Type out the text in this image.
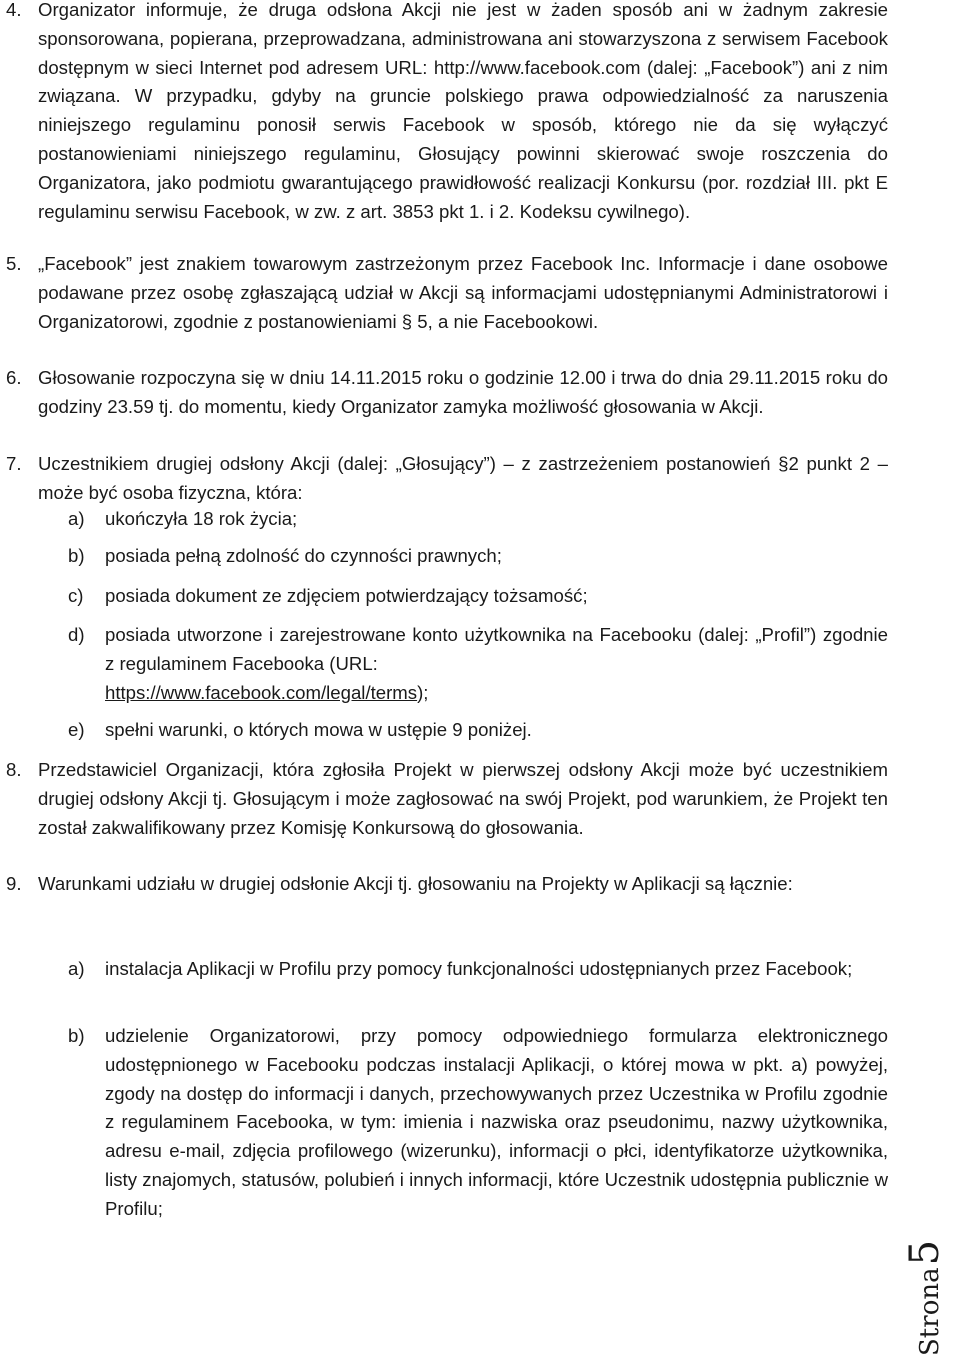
4. Organizator informuje, że druga odsłona Akcji nie jest w żaden sposób ani w żadnym zakresie sponsorowana, popierana, przeprowadzana, administrowana ani stowarzyszona z serwisem Facebook dostępnym w sieci Internet pod adresem URL: http://www.facebook.com (dalej: „Facebook”) ani z nim związana. W przypadku, gdyby na gruncie polskiego prawa odpowiedzialność za naruszenia niniejszego regulaminu ponosił serwis Facebook w sposób, którego nie da się wyłączyć postanowieniami niniejszego regulaminu, Głosujący powinni skierować swoje roszczenia do Organizatora, jako podmiotu gwarantującego prawidłowość realizacji Konkursu (por. rozdział III. pkt E regulaminu serwisu Facebook, w zw. z art. 3853 pkt 1. i 2. Kodeksu cywilnego).
5. „Facebook” jest znakiem towarowym zastrzeżonym przez Facebook Inc. Informacje i dane osobowe podawane przez osobę zgłaszającą udział w Akcji są informacjami udostępnianymi Administratorowi i Organizatorowi, zgodnie z postanowieniami § 5, a nie Facebookowi.
6. Głosowanie rozpoczyna się w dniu 14.11.2015 roku o godzinie 12.00 i trwa do dnia 29.11.2015 roku do godziny 23.59 tj. do momentu, kiedy Organizator zamyka możliwość głosowania w Akcji.
7. Uczestnikiem drugiej odsłony Akcji (dalej: „Głosujący”) – z zastrzeżeniem postanowień §2 punkt 2 – może być osoba fizyczna, która:
a) ukończyła 18 rok życia;
b) posiada pełną zdolność do czynności prawnych;
c) posiada dokument ze zdjęciem potwierdzający tożsamość;
d) posiada utworzone i zarejestrowane konto użytkownika na Facebooku (dalej: „Profil”) zgodnie z regulaminem Facebooka (URL:
https://www.facebook.com/legal/terms);
e) spełni warunki, o których mowa w ustępie 9 poniżej.
8. Przedstawiciel Organizacji, która zgłosiła Projekt w pierwszej odsłony Akcji może być uczestnikiem drugiej odsłony Akcji tj. Głosującym i może zagłosować na swój Projekt, pod warunkiem, że Projekt ten został zakwalifikowany przez Komisję Konkursową do głosowania.
9. Warunkami udziału w drugiej odsłonie Akcji tj. głosowaniu na Projekty w Aplikacji są łącznie:
a) instalacja Aplikacji w Profilu przy pomocy funkcjonalności udostępnianych przez Facebook;
b) udzielenie Organizatorowi, przy pomocy odpowiedniego formularza elektronicznego udostępnionego w Facebooku podczas instalacji Aplikacji, o której mowa w pkt. a) powyżej, zgody na dostęp do informacji i danych, przechowywanych przez Uczestnika w Profilu zgodnie z regulaminem Facebooka, w tym: imienia i nazwiska oraz pseudonimu, nazwy użytkownika, adresu e-mail, zdjęcia profilowego (wizerunku), informacji o płci, identyfikatorze użytkownika, listy znajomych, statusów, polubień i innych informacji, które Uczestnik udostępnia publicznie w Profilu;
Strona5
